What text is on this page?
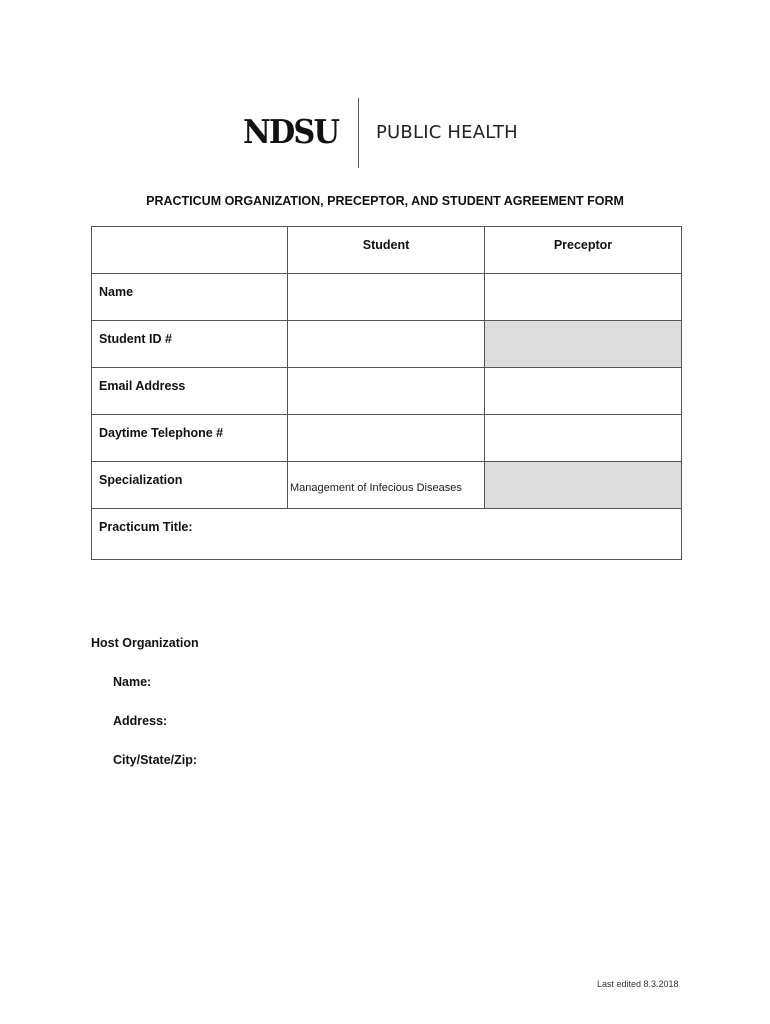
NDSU PUBLIC HEALTH
PRACTICUM ORGANIZATION, PRECEPTOR, AND STUDENT AGREEMENT FORM

	Student	Preceptor

Name		

Student ID #		

Email Address		

Daytime Telephone #		

Specialization	Management of Infecious Diseases	

Practicum Title:		
Host Organization
Name:
Address:
City/State/Zip:
Last edited 8.3.2018
